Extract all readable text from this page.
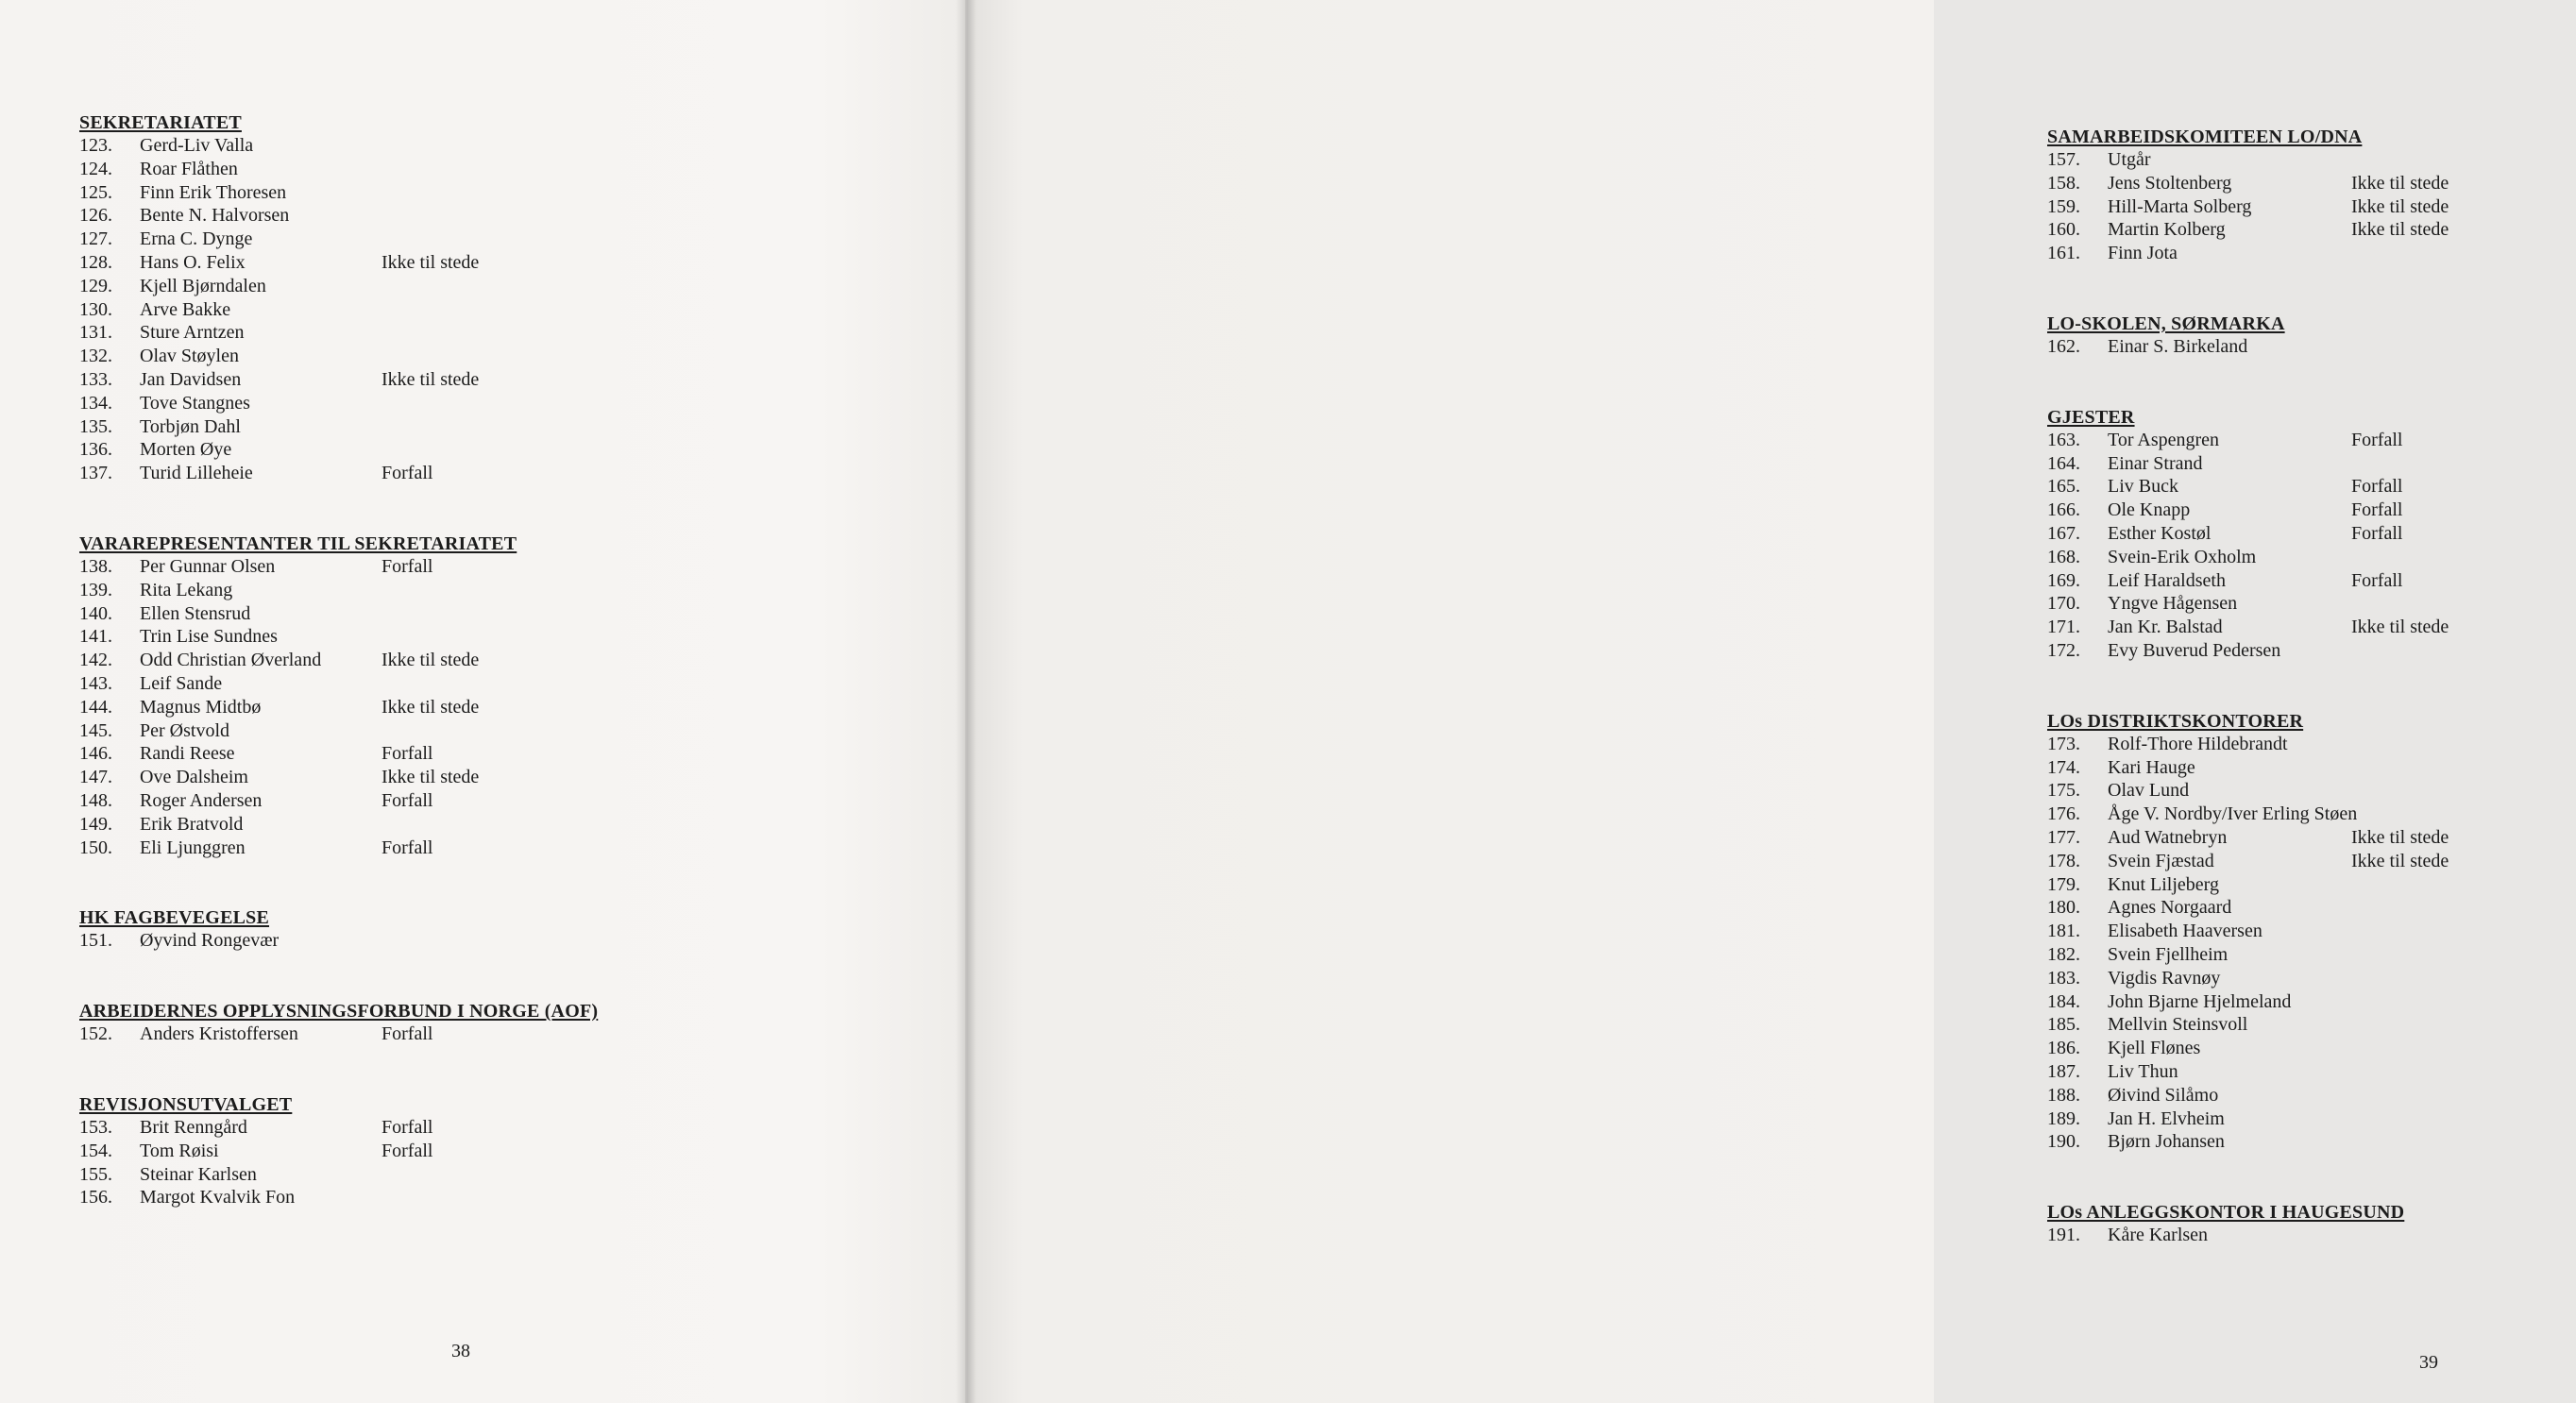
SEKRETARIATET
123. Gerd-Liv Valla
124. Roar Flåthen
125. Finn Erik Thoresen
126. Bente N. Halvorsen
127. Erna C. Dynge
128. Hans O. Felix	Ikke til stede
129. Kjell Bjørndalen
130. Arve Bakke
131. Sture Arntzen
132. Olav Støylen
133. Jan Davidsen	Ikke til stede
134. Tove Stangnes
135. Torbjøn Dahl
136. Morten Øye
137. Turid Lilleheie	Forfall
VARAREPRESENTANTER TIL SEKRETARIATET
138. Per Gunnar Olsen	Forfall
139. Rita Lekang
140. Ellen Stensrud
141. Trin Lise Sundnes
142. Odd Christian Øverland	Ikke til stede
143. Leif Sande
144. Magnus Midtbø	Ikke til stede
145. Per Østvold
146. Randi Reese	Forfall
147. Ove Dalsheim	Ikke til stede
148. Roger Andersen	Forfall
149. Erik Bratvold
150. Eli Ljunggren	Forfall
HK FAGBEVEGELSE
151. Øyvind Rongevær
ARBEIDERNES OPPLYSNINGSFORBUND I NORGE (AOF)
152. Anders Kristoffersen	Forfall
REVISJONSUTVALGET
153. Brit Renngård	Forfall
154. Tom Røisi	Forfall
155. Steinar Karlsen
156. Margot Kvalvik Fon
38
SAMARBEIDSKOMITEEN LO/DNA
157. Utgår
158. Jens Stoltenberg	Ikke til stede
159. Hill-Marta Solberg	Ikke til stede
160. Martin Kolberg	Ikke til stede
161. Finn Jota
LO-SKOLEN, SØRMARKA
162. Einar S. Birkeland
GJESTER
163. Tor Aspengren	Forfall
164. Einar Strand
165. Liv Buck	Forfall
166. Ole Knapp	Forfall
167. Esther Kostøl	Forfall
168. Svein-Erik Oxholm
169. Leif Haraldseth	Forfall
170. Yngve Hågensen
171. Jan Kr. Balstad	Ikke til stede
172. Evy Buverud Pedersen
LOs DISTRIKTSKONTORER
173. Rolf-Thore Hildebrandt
174. Kari Hauge
175. Olav Lund
176. Åge V. Nordby/Iver Erling Støen
177. Aud Watnebryn	Ikke til stede
178. Svein Fjæstad	Ikke til stede
179. Knut Liljeberg
180. Agnes Norgaard
181. Elisabeth Haaversen
182. Svein Fjellheim
183. Vigdis Ravnøy
184. John Bjarne Hjelmeland
185. Mellvin Steinsvoll
186. Kjell Flønes
187. Liv Thun
188. Øivind Silåmo
189. Jan H. Elvheim
190. Bjørn Johansen
LOs ANLEGGSKONTOR I HAUGESUND
191. Kåre Karlsen
39
